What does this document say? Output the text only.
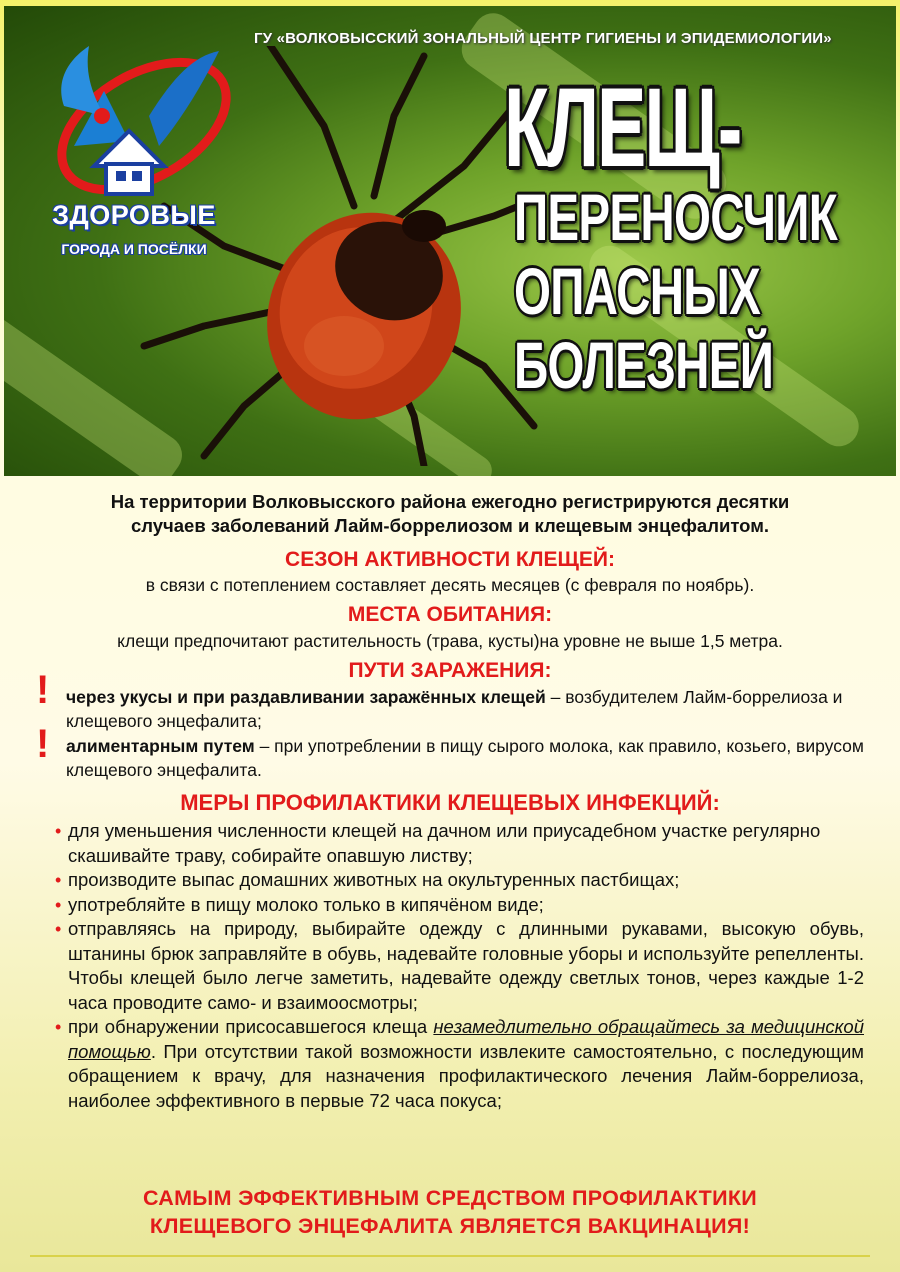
ЗДОРОВЫЕ
ГОРОДА И ПОСЁЛКИ
ГУ «ВОЛКОВЫССКИЙ ЗОНАЛЬНЫЙ ЦЕНТР ГИГИЕНЫ И ЭПИДЕМИОЛОГИИ»
КЛЕЩ-
ПЕРЕНОСЧИК
ОПАСНЫХ
БОЛЕЗНЕЙ
На территории Волковысского района ежегодно регистрируются десятки
случаев заболеваний Лайм-боррелиозом и клещевым энцефалитом.
СЕЗОН АКТИВНОСТИ КЛЕЩЕЙ:
в связи с потеплением составляет десять месяцев (с февраля по ноябрь).
МЕСТА ОБИТАНИЯ:
клещи предпочитают растительность (трава, кусты)на уровне не выше 1,5 метра.
ПУТИ ЗАРАЖЕНИЯ:
!
!
через укусы и при раздавливании заражённых клещей – возбудителем Лайм-боррелиоза и клещевого энцефалита;
алиментарным путем – при употреблении в пищу сырого молока, как правило, козьего, вирусом клещевого энцефалита.
МЕРЫ ПРОФИЛАКТИКИ КЛЕЩЕВЫХ ИНФЕКЦИЙ:
• для уменьшения численности клещей на дачном или приусадебном участке регулярно скашивайте траву, собирайте опавшую листву;
• производите выпас домашних животных на окультуренных пастбищах;
• употребляйте в пищу молоко только в кипячёном виде;
• отправляясь на природу, выбирайте одежду с длинными рукавами, высокую обувь, штанины брюк заправляйте в обувь, надевайте головные уборы и используйте репелленты. Чтобы клещей было легче заметить, надевайте одежду светлых тонов, через каждые 1-2 часа проводите само- и взаимоосмотры;
• при обнаружении присосавшегося клеща незамедлительно обращайтесь за медицинской помощью. При отсутствии такой возможности извлеките самостоятельно, с последующим обращением к врачу, для назначения профилактического лечения Лайм-боррелиоза, наиболее эффективного в первые 72 часа покуса;
САМЫМ ЭФФЕКТИВНЫМ СРЕДСТВОМ ПРОФИЛАКТИКИ
КЛЕЩЕВОГО ЭНЦЕФАЛИТА ЯВЛЯЕТСЯ ВАКЦИНАЦИЯ!
